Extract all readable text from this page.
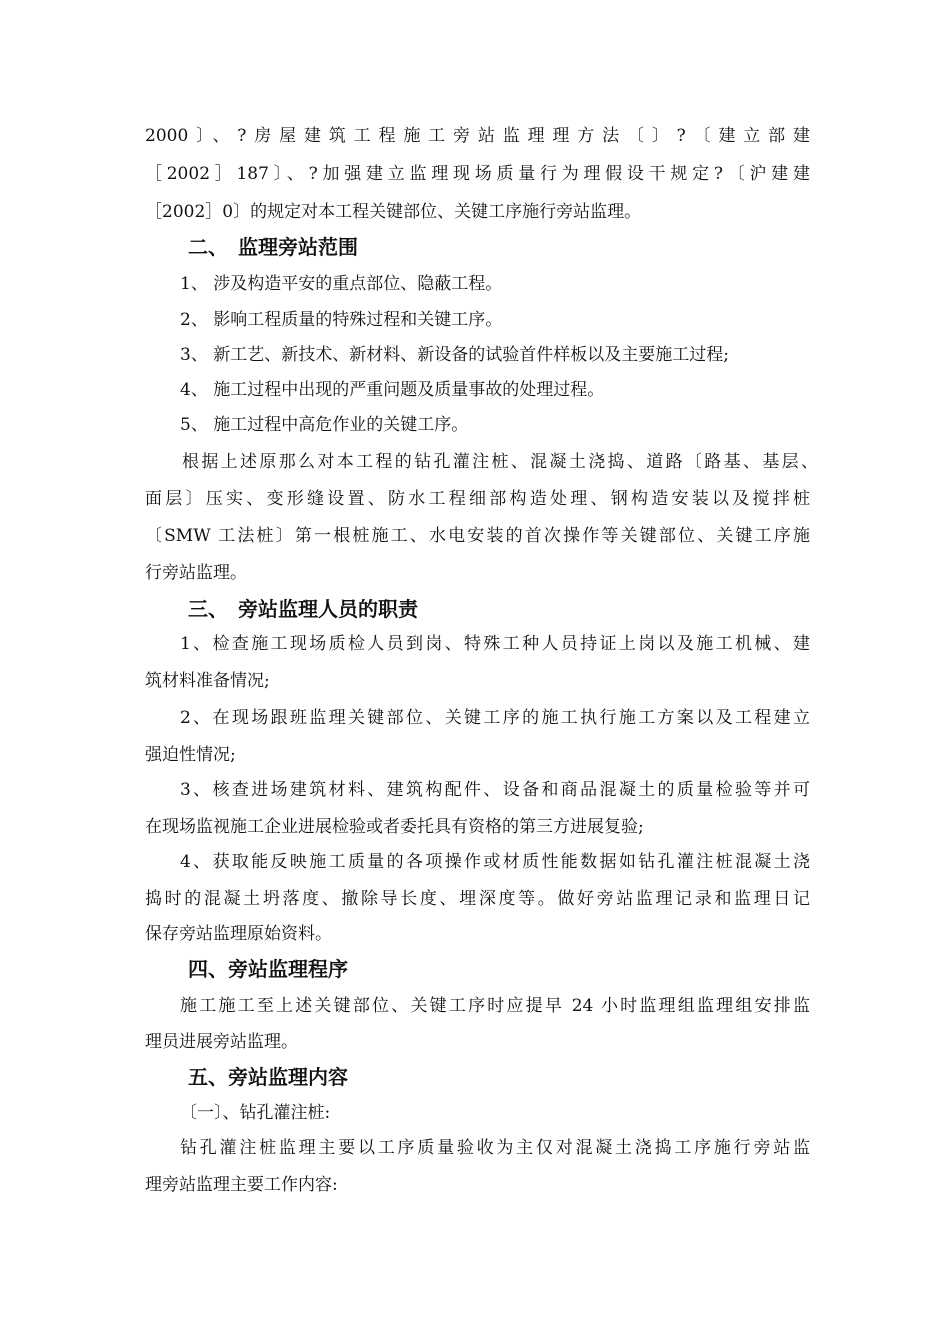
2000〕、?房屋建筑工程施工旁站监理理方法〔〕?〔建立部建
［2002］187〕、?加强建立监理现场质量行为理假设干规定?〔沪建建
［2002］0〕的规定对本工程关键部位、关键工序施行旁站监理。
二、　监理旁站范围
1、 涉及构造平安的重点部位、隐蔽工程。
2、 影响工程质量的特殊过程和关键工序。
3、 新工艺、新技术、新材料、新设备的试验首件样板以及主要施工过程;
4、 施工过程中出现的严重问题及质量事故的处理过程。
5、 施工过程中高危作业的关键工序。
根据上述原那么对本工程的钻孔灌注桩、混凝土浇捣、道路〔路基、基层、
面层〕压实、变形缝设置、防水工程细部构造处理、钢构造安装以及搅拌桩
〔SMW 工法桩〕第一根桩施工、水电安装的首次操作等关键部位、关键工序施
行旁站监理。
三、　旁站监理人员的职责
1、检查施工现场质检人员到岗、特殊工种人员持证上岗以及施工机械、建
筑材料准备情况;
2、在现场跟班监理关键部位、关键工序的施工执行施工方案以及工程建立
强迫性情况;
3、核查进场建筑材料、建筑构配件、设备和商品混凝土的质量检验等并可
在现场监视施工企业进展检验或者委托具有资格的第三方进展复验;
4、获取能反映施工质量的各项操作或材质性能数据如钻孔灌注桩混凝土浇
捣时的混凝土坍落度、撤除导长度、埋深度等。做好旁站监理记录和监理日记
保存旁站监理原始资料。
四、旁站监理程序
施工施工至上述关键部位、关键工序时应提早 24 小时监理组监理组安排监
理员进展旁站监理。
五、旁站监理内容
〔一〕、钻孔灌注桩:
钻孔灌注桩监理主要以工序质量验收为主仅对混凝土浇捣工序施行旁站监
理旁站监理主要工作内容:
